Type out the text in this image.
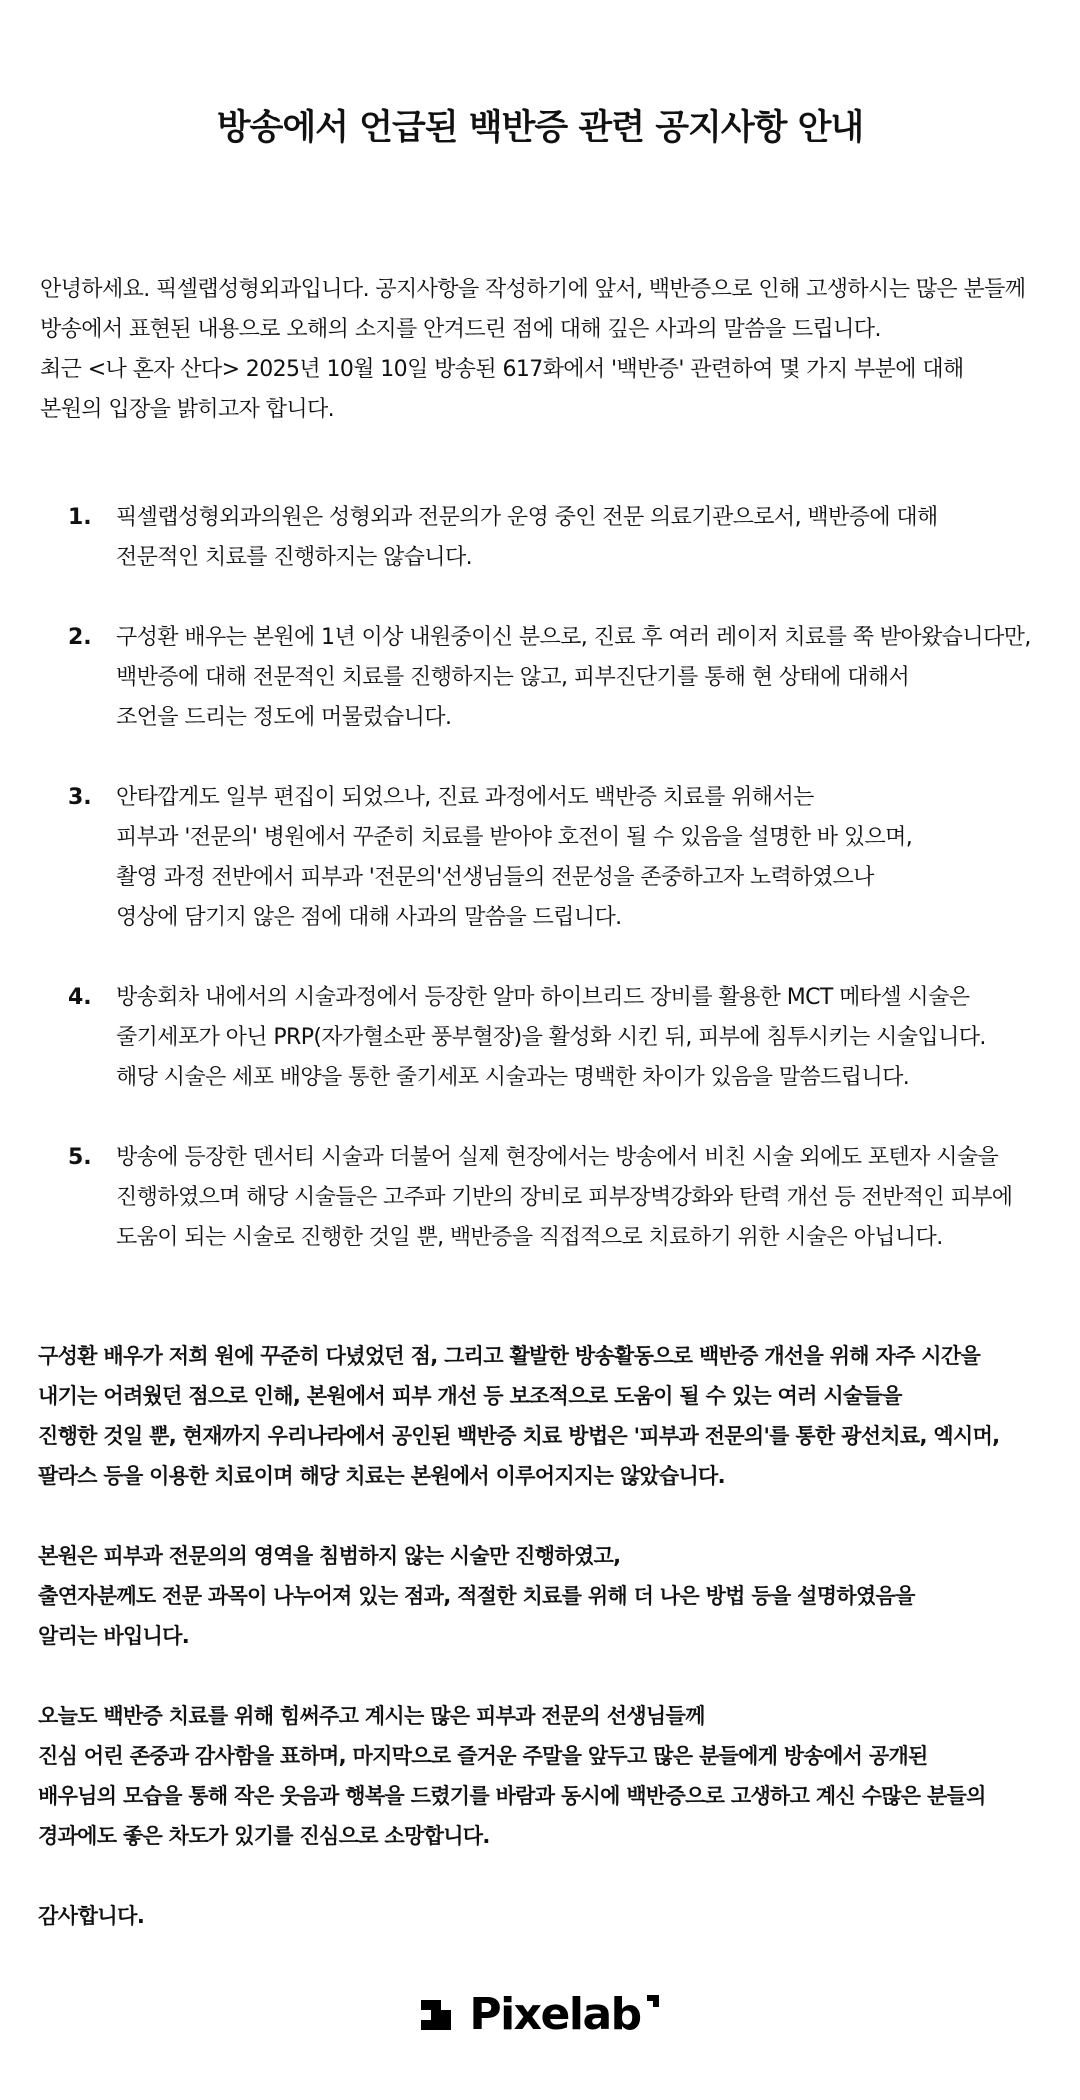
방송에서 언급된 백반증 관련 공지사항 안내

안녕하세요. 픽셀랩성형외과입니다. 공지사항을 작성하기에 앞서, 백반증으로 인해 고생하시는 많은 분들께

방송에서 표현된 내용으로 오해의 소지를 안겨드린 점에 대해 깊은 사과의 말씀을 드립니다.

최근 <나 혼자 산다> 2025년 10월 10일 방송된 617화에서 '백반증' 관련하여 몇 가지 부분에 대해

본원의 입장을 밝히고자 합니다.

1.	픽셀랩성형외과의원은 성형외과 전문의가 운영 중인 전문 의료기관으로서, 백반증에 대해
전문적인 치료를 진행하지는 않습니다.
2.	구성환 배우는 본원에 1년 이상 내원중이신 분으로, 진료 후 여러 레이저 치료를 쭉 받아왔습니다만,
백반증에 대해 전문적인 치료를 진행하지는 않고, 피부진단기를 통해 현 상태에 대해서
조언을 드리는 정도에 머물렀습니다.
3.	안타깝게도 일부 편집이 되었으나, 진료 과정에서도 백반증 치료를 위해서는
피부과 '전문의' 병원에서 꾸준히 치료를 받아야 호전이 될 수 있음을 설명한 바 있으며,
촬영 과정 전반에서 피부과 '전문의'선생님들의 전문성을 존중하고자 노력하였으나
영상에 담기지 않은 점에 대해 사과의 말씀을 드립니다.
4.	방송회차 내에서의 시술과정에서 등장한 알마 하이브리드 장비를 활용한 MCT 메타셀 시술은
줄기세포가 아닌 PRP(자가혈소판 풍부혈장)을 활성화 시킨 뒤, 피부에 침투시키는 시술입니다.
해당 시술은 세포 배양을 통한 줄기세포 시술과는 명백한 차이가 있음을 말씀드립니다.
5.	방송에 등장한 덴서티 시술과 더불어 실제 현장에서는 방송에서 비친 시술 외에도 포텐자 시술을
진행하였으며 해당 시술들은 고주파 기반의 장비로 피부장벽강화와 탄력 개선 등 전반적인 피부에
도움이 되는 시술로 진행한 것일 뿐, 백반증을 직접적으로 치료하기 위한 시술은 아닙니다.
구성환 배우가 저희 원에 꾸준히 다녔었던 점, 그리고 활발한 방송활동으로 백반증 개선을 위해 자주 시간을
내기는 어려웠던 점으로 인해, 본원에서 피부 개선 등 보조적으로 도움이 될 수 있는 여러 시술들을
진행한 것일 뿐, 현재까지 우리나라에서 공인된 백반증 치료 방법은 '피부과 전문의'를 통한 광선치료, 엑시머,
팔라스 등을 이용한 치료이며 해당 치료는 본원에서 이루어지지는 않았습니다.
본원은 피부과 전문의의 영역을 침범하지 않는 시술만 진행하였고,
출연자분께도 전문 과목이 나누어져 있는 점과, 적절한 치료를 위해 더 나은 방법 등을 설명하였음을
알리는 바입니다.
오늘도 백반증 치료를 위해 힘써주고 계시는 많은 피부과 전문의 선생님들께
진심 어린 존중과 감사함을 표하며, 마지막으로 즐거운 주말을 앞두고 많은 분들에게 방송에서 공개된
배우님의 모습을 통해 작은 웃음과 행복을 드렸기를 바람과 동시에 백반증으로 고생하고 계신 수많은 분들의
경과에도 좋은 차도가 있기를 진심으로 소망합니다.
감사합니다.
Pixelab
